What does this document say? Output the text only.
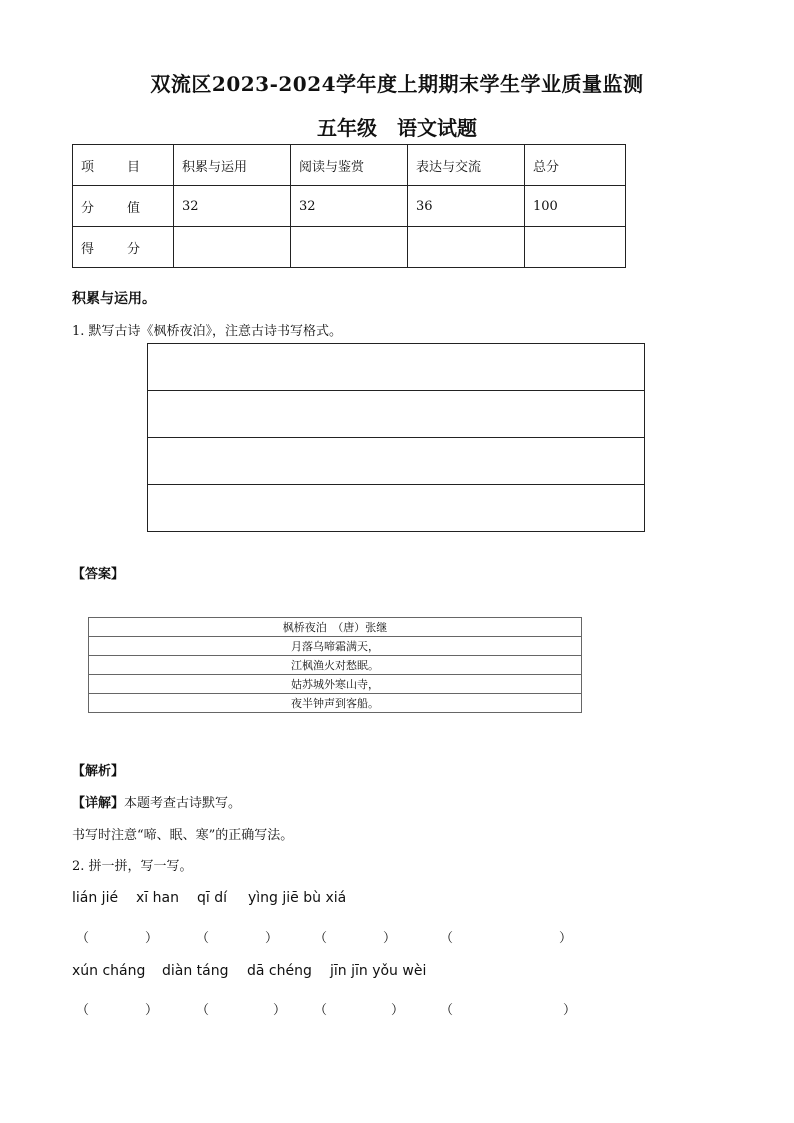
双流区2023-2024学年度上期期末学生学业质量监测
五年级　语文试题
项　目	积累与运用	阅读与鉴赏	表达与交流	总分
分　值	32	32	36	100
得　分				
积累与运用。
1. 默写古诗《枫桥夜泊》，注意古诗书写格式。

【答案】
枫桥夜泊　（唐）张继
月落乌啼霜满天，
江枫渔火对愁眠。
姑苏城外寒山寺，
夜半钟声到客船。
【解析】
【详解】本题考查古诗默写。
书写时注意“啼、眠、寒”的正确写法。
2. 拼一拼，写一写。
lián jié xī han qī dí yìng jiē bù xiá
（	）	（	）	（	）	（	）
xún cháng diàn táng dā chéng jīn jīn yǒu wèi
（	）	（	） （	）	（	）
